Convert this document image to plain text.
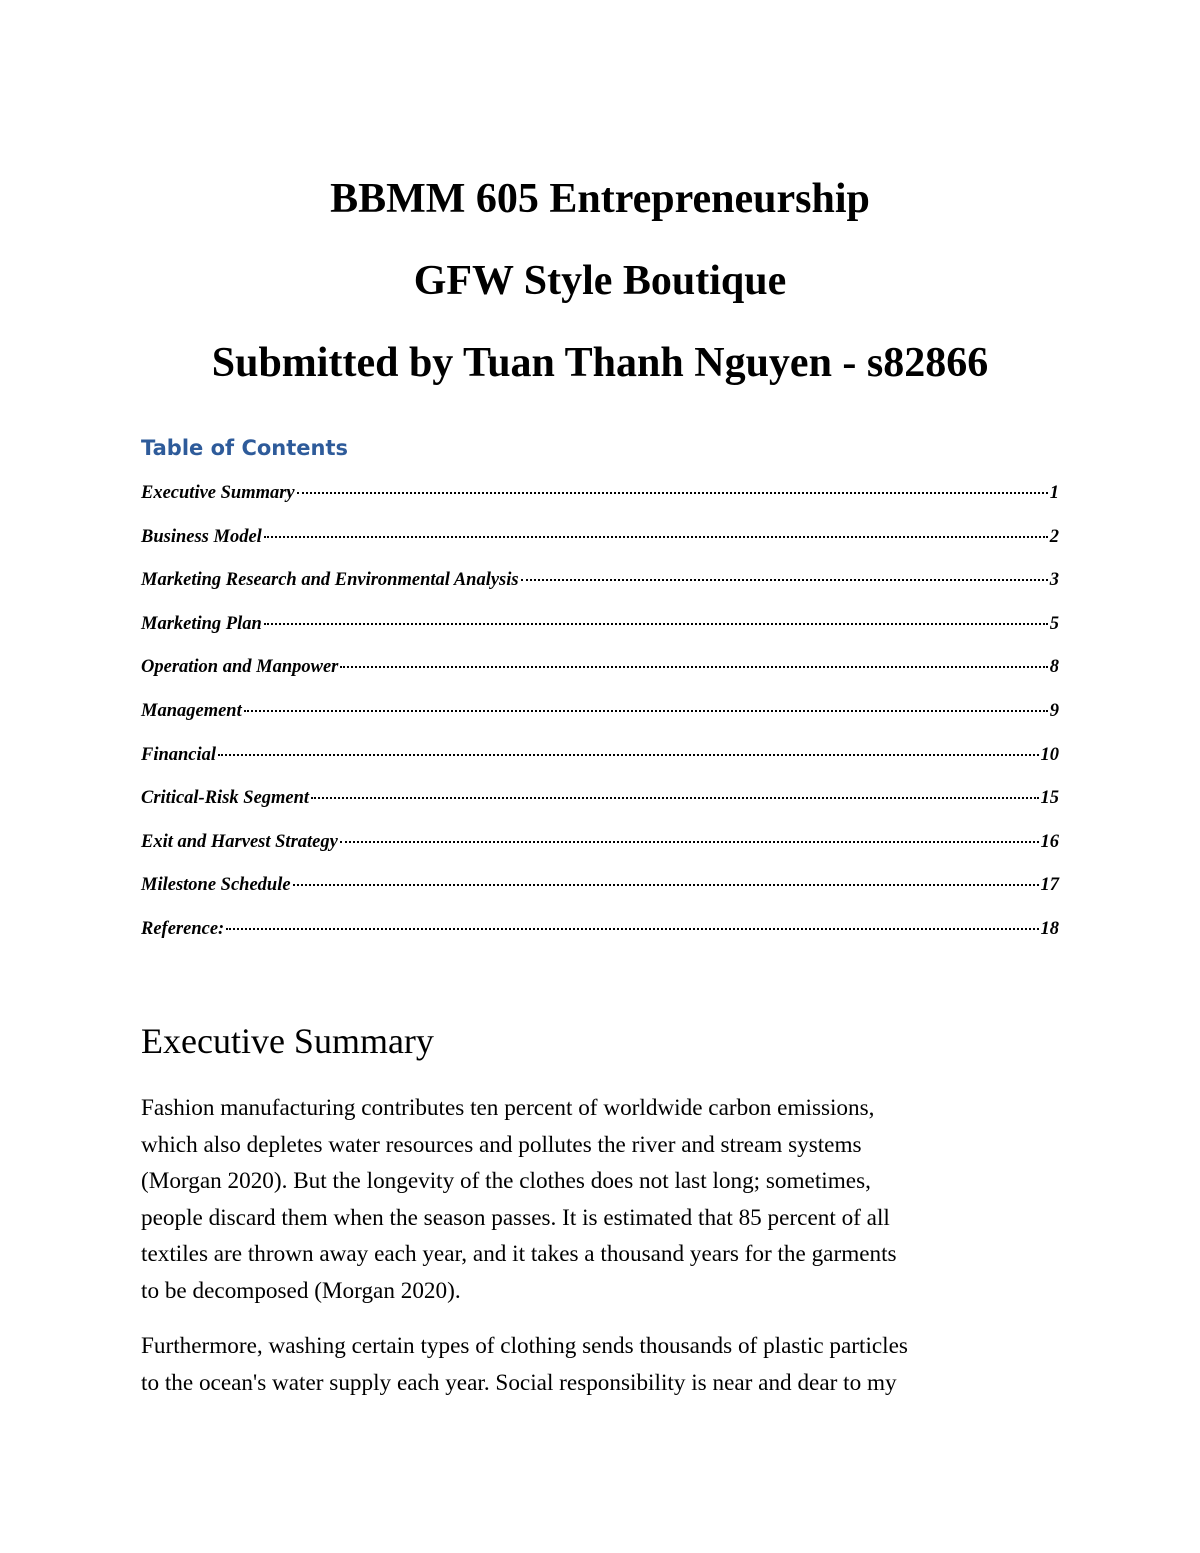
BBMM 605 Entrepreneurship

GFW Style Boutique

Submitted by Tuan Thanh Nguyen - s82866

Table of Contents
Executive Summary	1
Business Model	2
Marketing Research and Environmental Analysis	3
Marketing Plan	5
Operation and Manpower	8
Management	9
Financial	10
Critical-Risk Segment	15
Exit and Harvest Strategy	16
Milestone Schedule	17
Reference:	18
Executive Summary

Fashion manufacturing contributes ten percent of worldwide carbon emissions,
which also depletes water resources and pollutes the river and stream systems
(Morgan 2020). But the longevity of the clothes does not last long; sometimes,
people discard them when the season passes. It is estimated that 85 percent of all
textiles are thrown away each year, and it takes a thousand years for the garments
to be decomposed (Morgan 2020).

Furthermore, washing certain types of clothing sends thousands of plastic particles
to the ocean's water supply each year. Social responsibility is near and dear to my
